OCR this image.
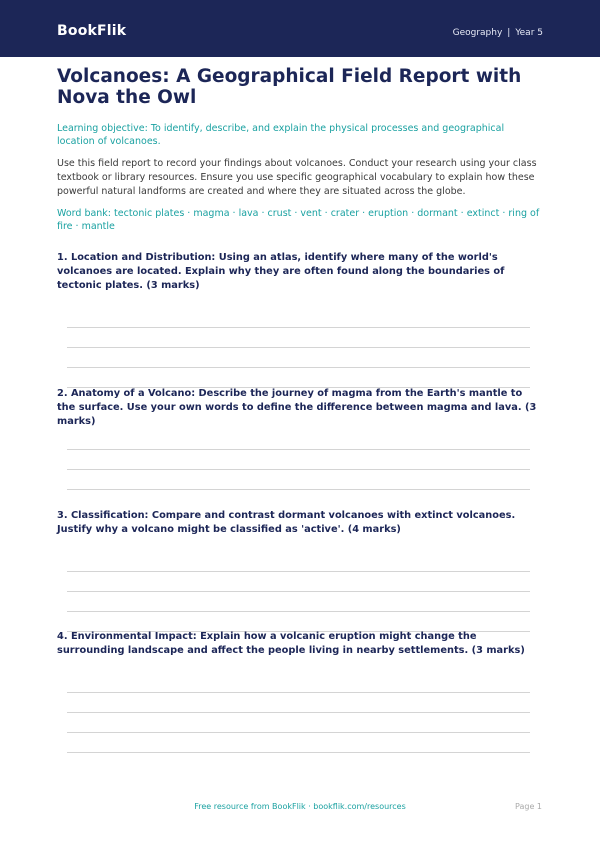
BookFlik	Geography | Year 5
Volcanoes: A Geographical Field Report with Nova the Owl

Learning objective: To identify, describe, and explain the physical processes and geographical location of volcanoes.

Use this field report to record your findings about volcanoes. Conduct your research using your class textbook or library resources. Ensure you use specific geographical vocabulary to explain how these powerful natural landforms are created and where they are situated across the globe.

Word bank: tectonic plates · magma · lava · crust · vent · crater · eruption · dormant · extinct · ring of fire · mantle

1. Location and Distribution: Using an atlas, identify where many of the world's volcanoes are located. Explain why they are often found along the boundaries of tectonic plates. (3 marks)
2. Anatomy of a Volcano: Describe the journey of magma from the Earth's mantle to the surface. Use your own words to define the difference between magma and lava. (3 marks)
3. Classification: Compare and contrast dormant volcanoes with extinct volcanoes. Justify why a volcano might be classified as 'active'. (4 marks)
4. Environmental Impact: Explain how a volcanic eruption might change the surrounding landscape and affect the people living in nearby settlements. (3 marks)
Free resource from BookFlik · bookflik.com/resources	Page 1
